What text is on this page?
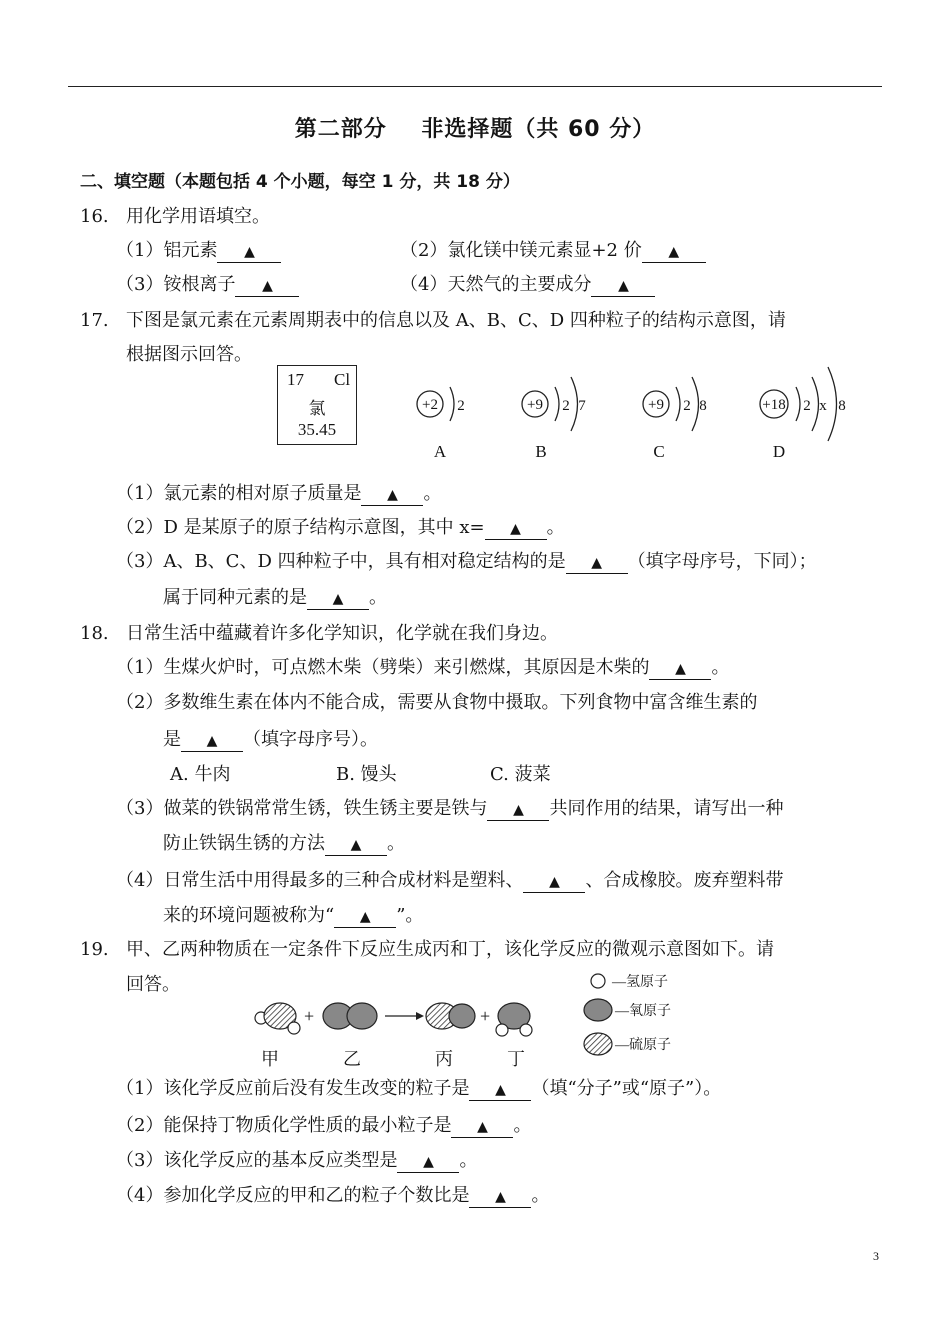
第二部分    非选择题（共 60 分）
二、填空题（本题包括 4 个小题，每空 1 分，共 18 分）
16. 用化学用语填空。
（1）铝元素 ▲	（2）氯化镁中镁元素显+2 价 ▲
（3）铵根离子 ▲	（4）天然气的主要成分 ▲
17. 下图是氯元素在元素周期表中的信息以及 A、B、C、D 四种粒子的结构示意图，请
根据图示回答。
17 Cl
氯
35.45
+2 2	+9 2 7	+9 2 8	+18 2 x 8
A	B	C	D
（1）氯元素的相对原子质量是 ▲ 。
（2）D 是某原子的原子结构示意图，其中 x= ▲ 。
（3）A、B、C、D 四种粒子中，具有相对稳定结构的是 ▲ （填字母序号，下同）；
属于同种元素的是 ▲ 。
18. 日常生活中蕴藏着许多化学知识，化学就在我们身边。
（1）生煤火炉时，可点燃木柴（劈柴）来引燃煤，其原因是木柴的 ▲ 。
（2）多数维生素在体内不能合成，需要从食物中摄取。下列食物中富含维生素的
是 ▲ （填字母序号）。
A. 牛肉	B. 馒头	C. 菠菜
（3）做菜的铁锅常常生锈，铁生锈主要是铁与 ▲ 共同作用的结果，请写出一种
防止铁锅生锈的方法 ▲ 。
（4）日常生活中用得最多的三种合成材料是塑料、 ▲ 、合成橡胶。废弃塑料带
来的环境问题被称为“ ▲ ”。
19. 甲、乙两种物质在一定条件下反应生成丙和丁，该化学反应的微观示意图如下。请
回答。
+	+
—氢原子
—氧原子
—硫原子
甲	乙	丙	丁
（1）该化学反应前后没有发生改变的粒子是 ▲ （填“分子”或“原子”）。
（2）能保持丁物质化学性质的最小粒子是 ▲ 。
（3）该化学反应的基本反应类型是 ▲ 。
（4）参加化学反应的甲和乙的粒子个数比是 ▲ 。
3
